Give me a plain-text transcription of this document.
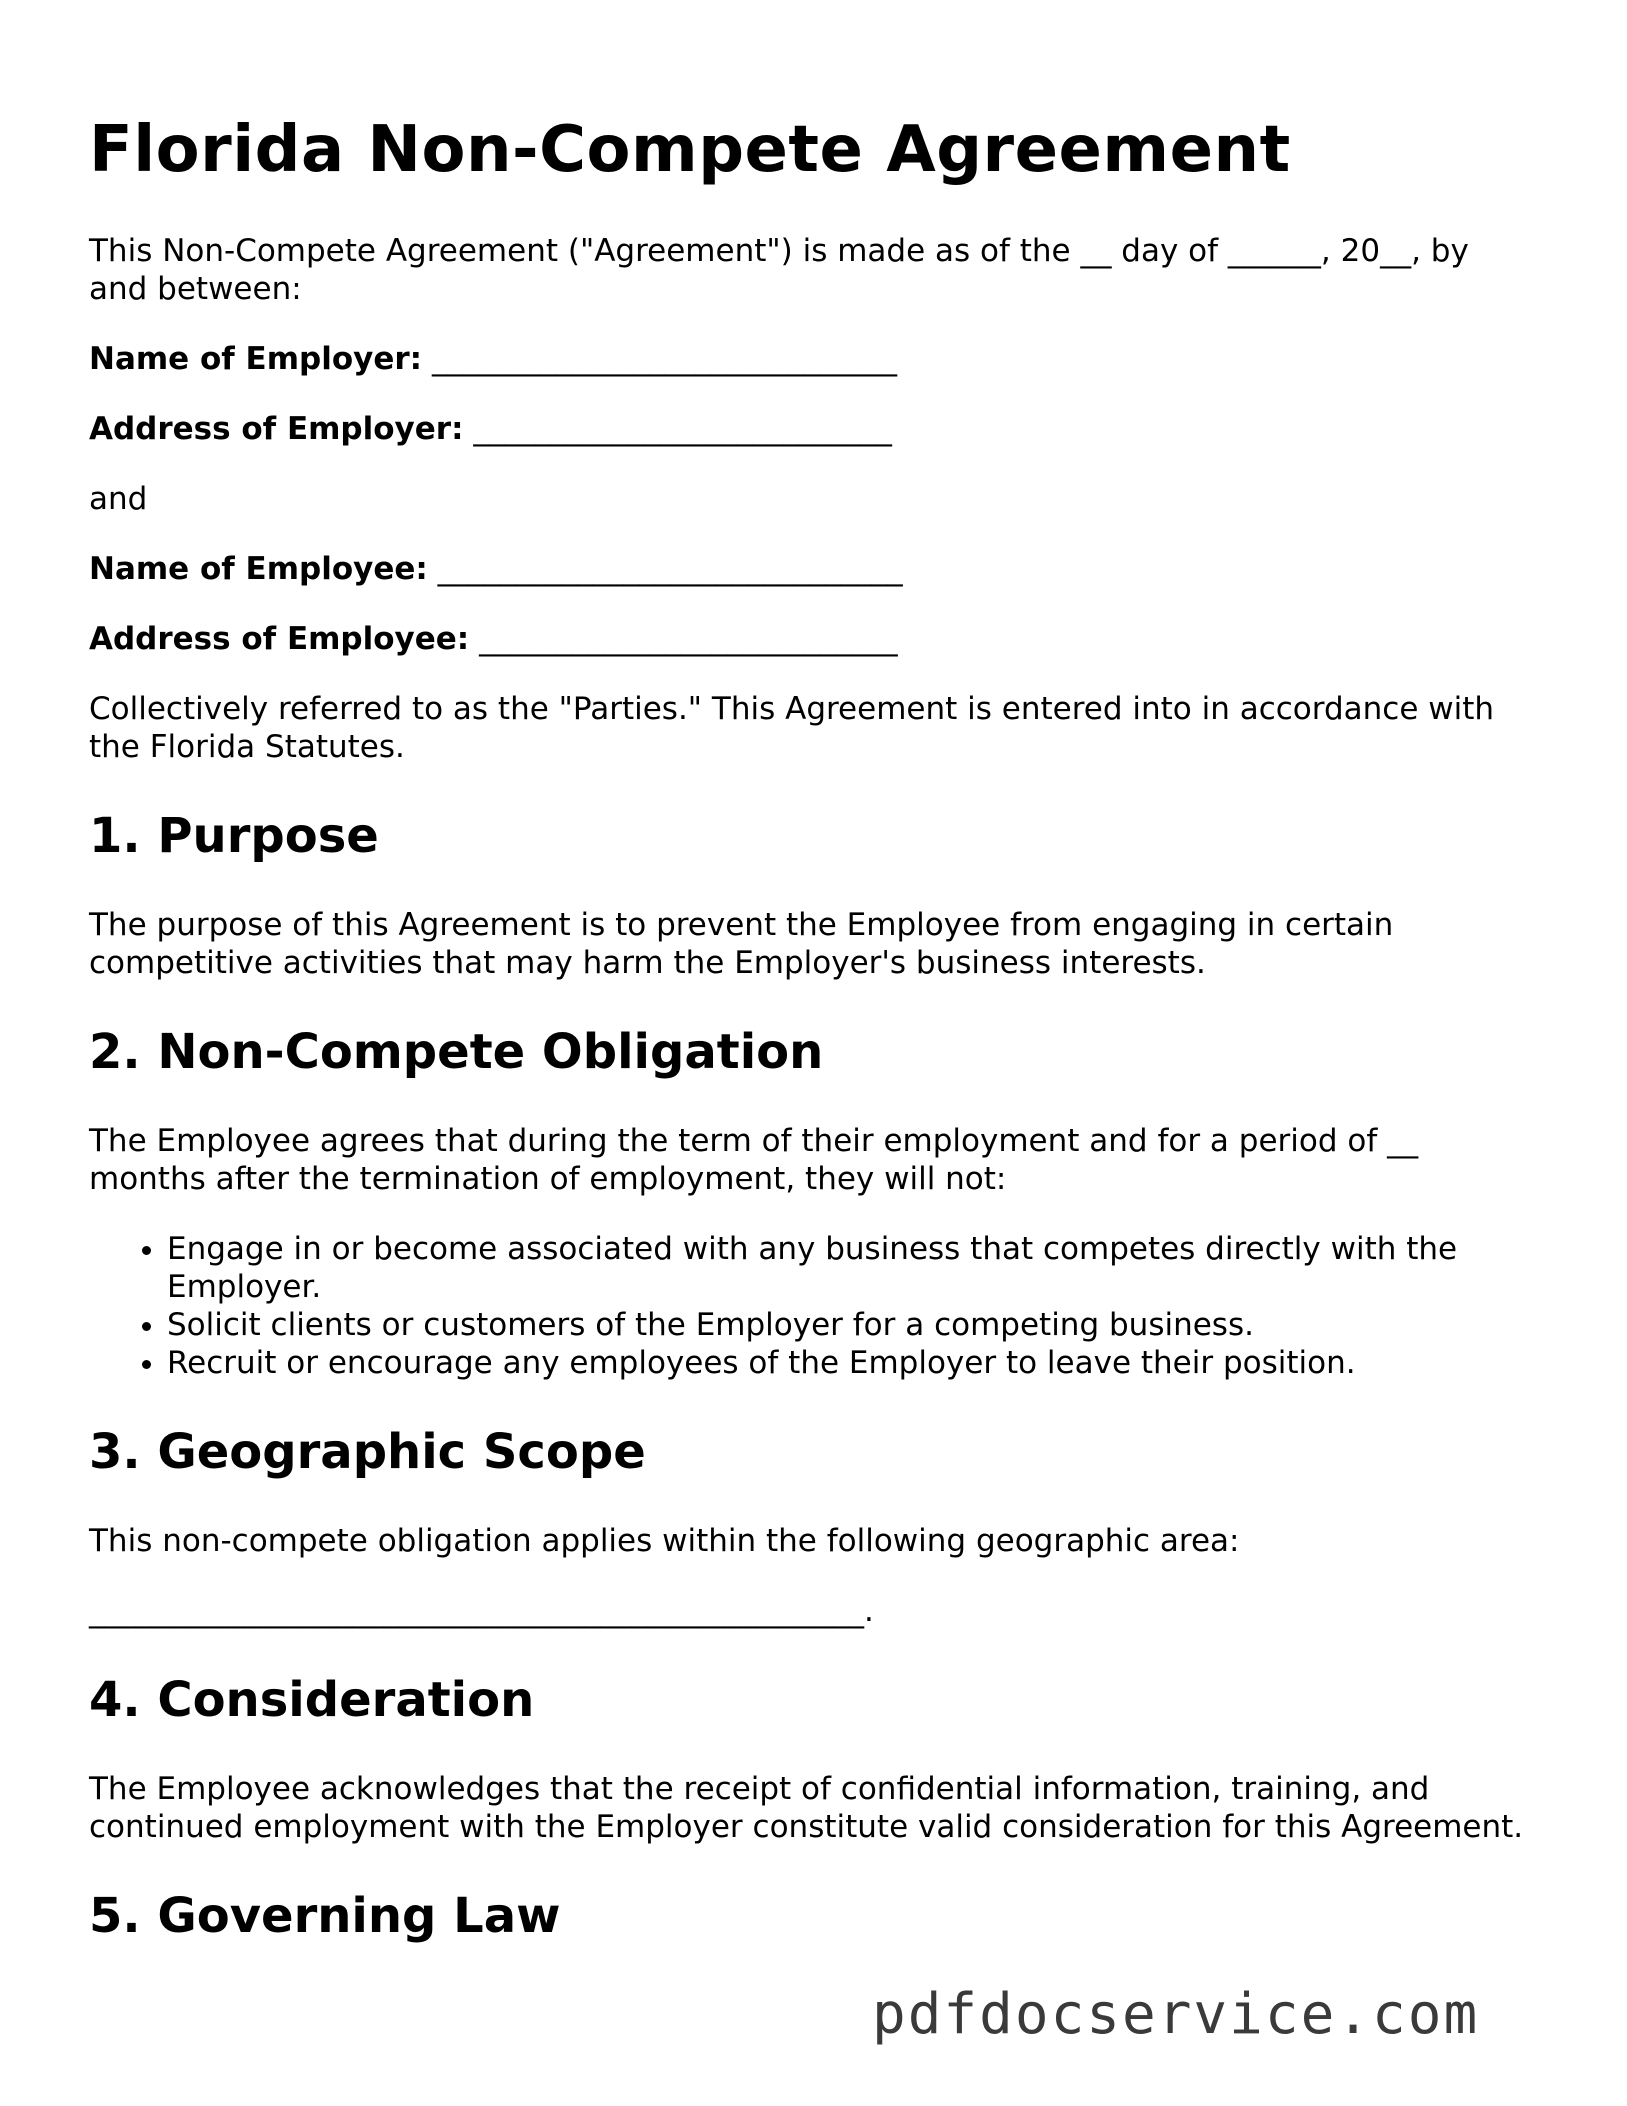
Florida Non-Compete Agreement

This Non-Compete Agreement ("Agreement") is made as of the __ day of ______, 20__, by and between:

Name of Employer: ______________________________

Address of Employer: ___________________________

and

Name of Employee: ______________________________

Address of Employee: ___________________________

Collectively referred to as the "Parties." This Agreement is entered into in accordance with the Florida Statutes.

1. Purpose

The purpose of this Agreement is to prevent the Employee from engaging in certain competitive activities that may harm the Employer's business interests.

2. Non-Compete Obligation

The Employee agrees that during the term of their employment and for a period of __ months after the termination of employment, they will not:

• Engage in or become associated with any business that competes directly with the Employer.
• Solicit clients or customers of the Employer for a competing business.
• Recruit or encourage any employees of the Employer to leave their position.
3. Geographic Scope

This non-compete obligation applies within the following geographic area:

__________________________________________________.

4. Consideration

The Employee acknowledges that the receipt of confidential information, training, and continued employment with the Employer constitute valid consideration for this Agreement.

5. Governing Law
pdfdocservice.com
